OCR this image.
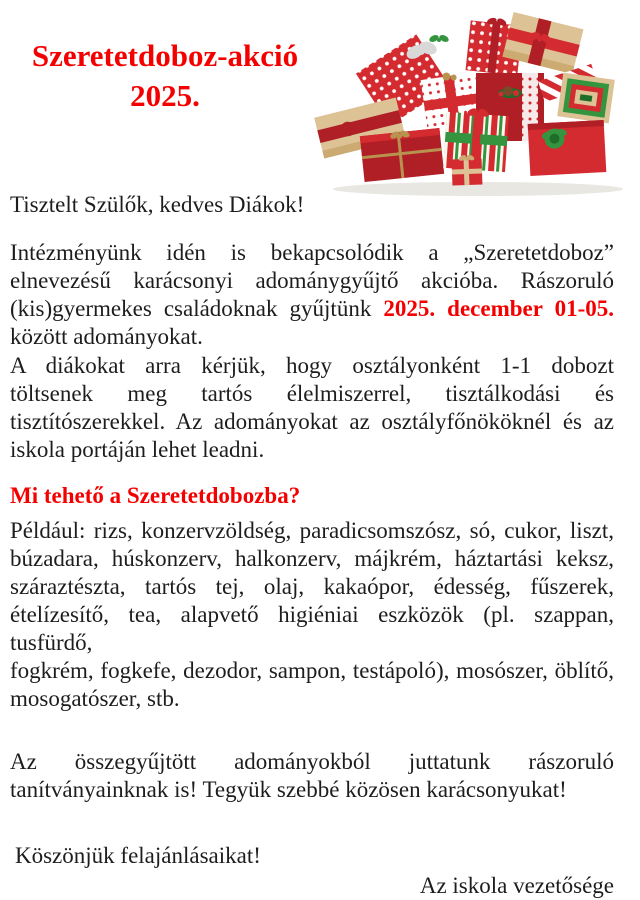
Szeretetdoboz-akció
2025.
Tisztelt Szülők, kedves Diákok!
Intézményünk idén is bekapcsolódik a „Szeretetdoboz”
elnevezésű karácsonyi adománygyűjtő akcióba. Rászoruló
(kis)gyermekes családoknak gyűjtünk 2025. december 01-05.
között adományokat.
A diákokat arra kérjük, hogy osztályonként 1-1 dobozt
töltsenek meg tartós élelmiszerrel, tisztálkodási és
tisztítószerekkel. Az adományokat az osztályfőnököknél és az
iskola portáján lehet leadni.
Mi tehető a Szeretetdobozba?
Például: rizs, konzervzöldség, paradicsomszósz, só, cukor, liszt,
búzadara, húskonzerv, halkonzerv, májkrém, háztartási keksz,
száraztészta, tartós tej, olaj, kakaópor, édesség, fűszerek,
ételízesítő, tea, alapvető higiéniai eszközök (pl. szappan, tusfürdő,
fogkrém, fogkefe, dezodor, sampon, testápoló), mosószer, öblítő,
mosogatószer, stb.
Az összegyűjtött adományokból juttatunk rászoruló
tanítványainknak is! Tegyük szebbé közösen karácsonyukat!
Köszönjük felajánlásaikat!
Az iskola vezetősége
